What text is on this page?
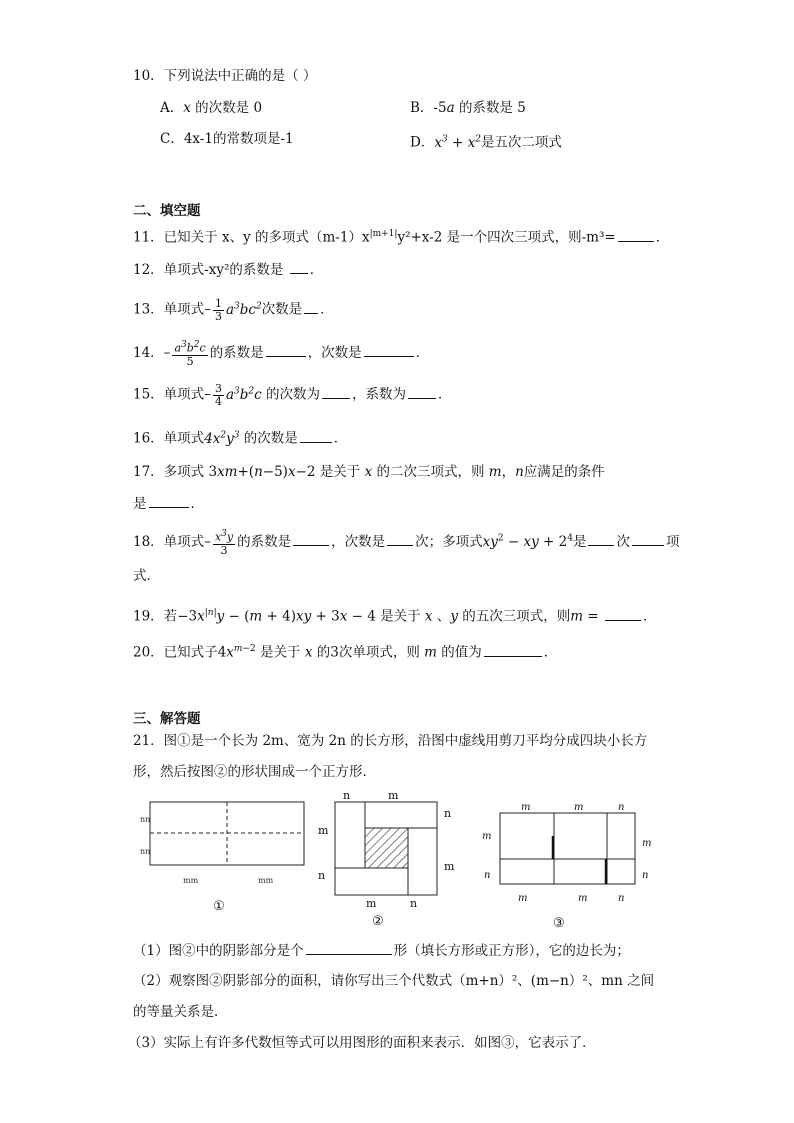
10．下列说法中正确的是（ ）
A．x 的次数是 0	B．-5a 的系数是 5
C．4x-1的常数项是-1	D．$x^3 + x^2$是五次二项式
二、填空题
11．已知关于 x、y 的多项式$(m-1)x^{|m+1|}y^2+x-2$ 是一个四次三项式，则-m³=	．
12．单项式-xy²的系数是 ．
13．单项式– $\frac{1}{3} a^3bc^2$次数是 ．
14．– $\frac{a^3b^2c}{5}$ 的系数是	，次数是	．
15．单项式– $\frac{3}{4} a^3b^2c$ 的次数为 ，系数为 ．
16．单项式$4x^2y^3$ 的次数是	．
17．多项式 3xm+(n−5)x−2 是关于 x 的二次三项式，则 m，n应满足的条件
是	．
18．单项式– $\frac{x^3y}{3}$ 的系数是	，次数是 次；多项式$xy^2$ − xy + $2^4$是 次	项
式．
19．若$-3x^{|n|}y - (m + 4)xy + 3x - 4$ 是关于 x 、y 的五次三项式，则m =	．
20．已知式子$4x^{m-2}$ 是关于 x 的3次单项式，则 m 的值为	．
三、解答题
21．图①是一个长为 2m、宽为 2n 的长方形，沿图中虚线用剪刀平均分成四块小长方
形，然后按图②的形状围成一个正方形．
nn
nn
mm	mm
①
n	m
n
m
m
n
m	n
②
m	m	n
m
m
n	n
m	m	n
③
（1）图②中的阴影部分是个	形（填长方形或正方形），它的边长为；
（2）观察图②阴影部分的面积，请你写出三个代数式（m+n）²、(m−n）²、mn 之间
的等量关系是．
（3）实际上有许多代数恒等式可以用图形的面积来表示．如图③，它表示了．
